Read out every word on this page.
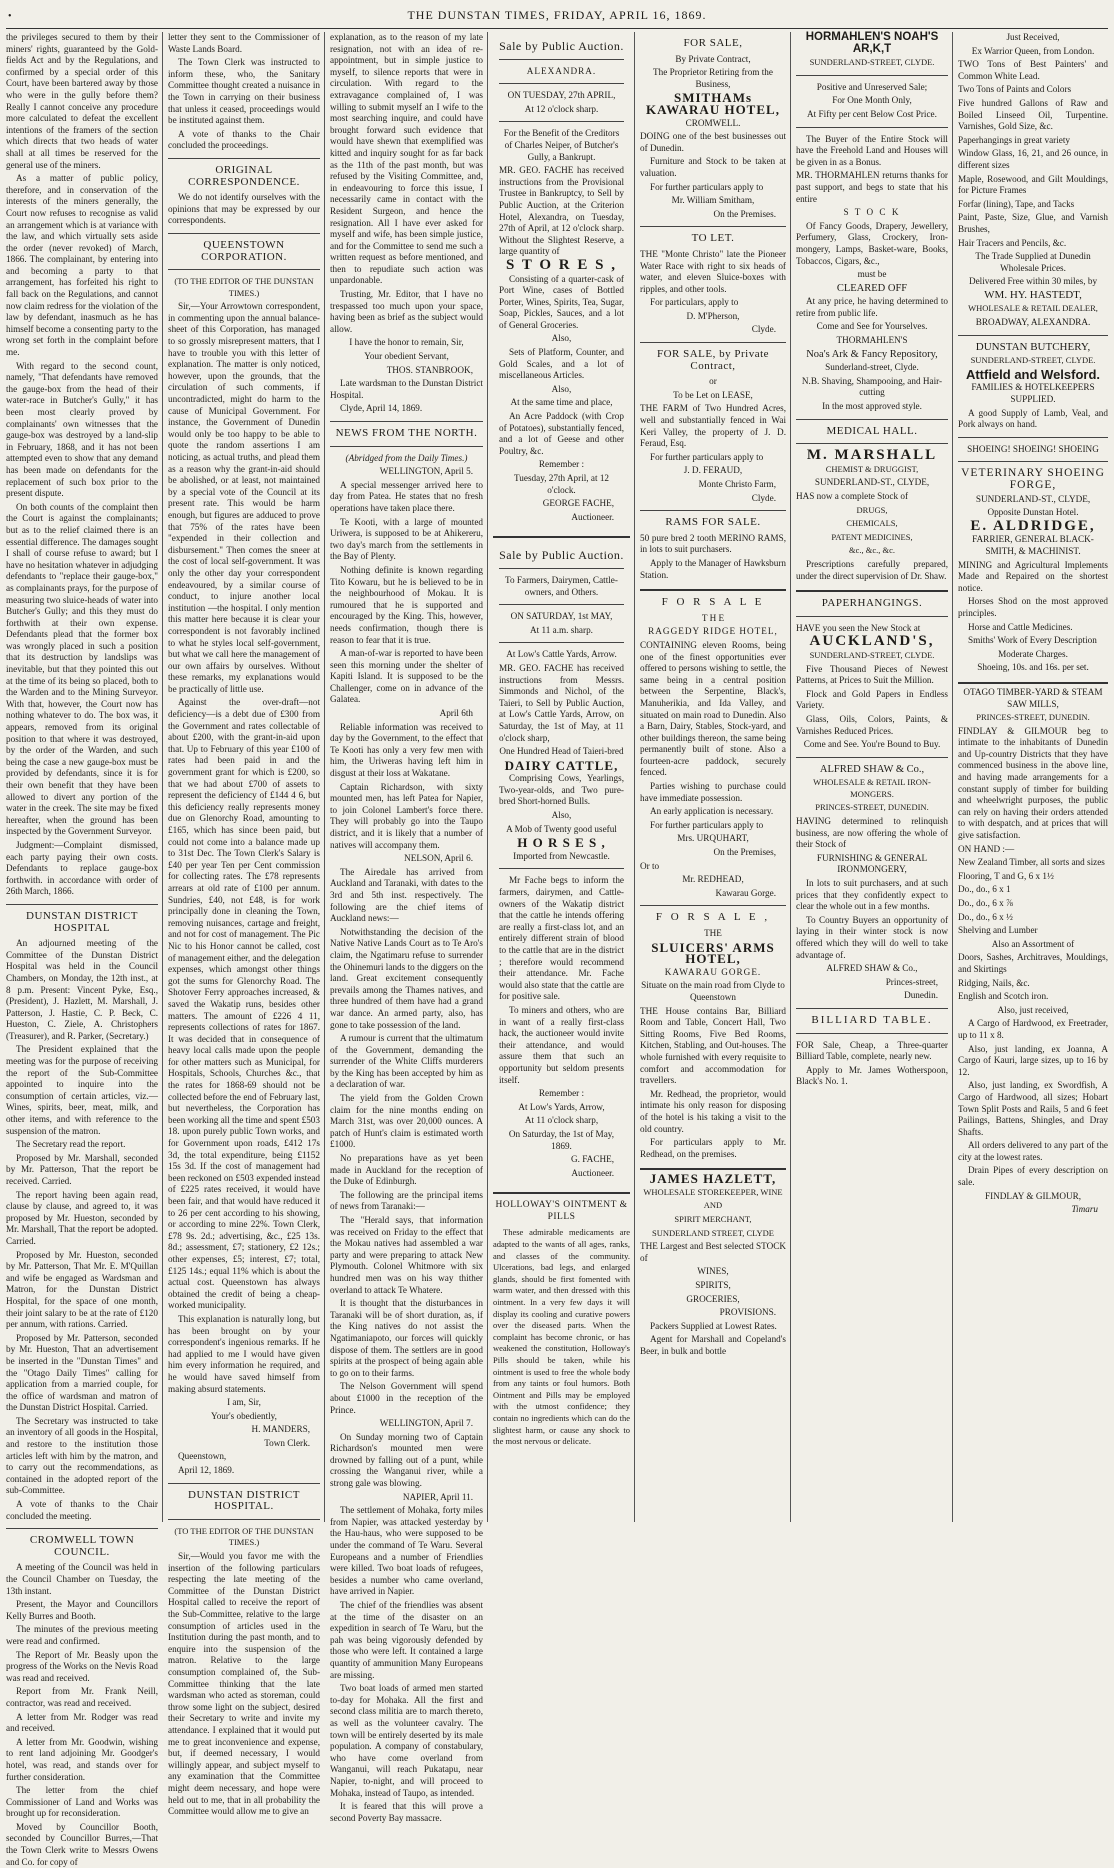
•	THE DUNSTAN TIMES, FRIDAY, APRIL 16, 1869.

the privileges secured to them by their miners' rights, guaranteed by the Gold-fields Act and by the Regulations, and confirmed by a special order of this Court, have been bartered away by those who were in the gully before them? Really I cannot conceive any procedure more calculated to defeat the excellent intentions of the framers of the section which directs that two heads of water shall at all times be reserved for the general use of the miners.

As a matter of public policy, therefore, and in conservation of the interests of the miners generally, the Court now refuses to recognise as valid an arrangement which is at variance with the law, and which virtually sets aside the order (never revoked) of March, 1866. The complainant, by entering into and becoming a party to that arrangement, has forfeited his right to fall back on the Regulations, and cannot now claim redress for the violation of the law by defendant, inasmuch as he has himself become a consenting party to the wrong set forth in the complaint before me.

With regard to the second count, namely, "That defendants have removed the gauge-box from the head of their water-race in Butcher's Gully," it has been most clearly proved by complainants' own witnesses that the gauge-box was destroyed by a land-slip in February, 1868, and it has not been attempted even to show that any demand has been made on defendants for the replacement of such box prior to the present dispute.

On both counts of the complaint then the Court is against the complainants; but as to the relief claimed there is an essential difference. The damages sought I shall of course refuse to award; but I have no hesitation whatever in adjudging defendants to "replace their gauge-box," as complainants prays, for the purpose of measuring two sluice-heads of water into Butcher's Gully; and this they must do forthwith at their own expense. Defendants plead that the former box was wrongly placed in such a position that its destruction by landslips was inevitable, but that they pointed this out at the time of its being so placed, both to the Warden and to the Mining Surveyor. With that, however, the Court now has nothing whatever to do. The box was, it appears, removed from its original position to that where it was destroyed, by the order of the Warden, and such being the case a new gauge-box must be provided by defendants, since it is for their own benefit that they have been allowed to divert any portion of the water in the creek. The site may be fixed hereafter, when the ground has been inspected by the Government Surveyor.

Judgment:—Complaint dismissed, each party paying their own costs. Defendants to replace gauge-box forthwith. in accordance with order of 26th March, 1866.

DUNSTAN DISTRICT HOSPITAL

An adjourned meeting of the Committee of the Dunstan District Hospital was held in the Council Chambers, on Monday, the 12th inst., at 8 p.m. Present: Vincent Pyke, Esq., (President), J. Hazlett, M. Marshall, J. Patterson, J. Hastie, C. P. Beck, C. Hueston, C. Ziele, A. Christophers (Treasurer), and R. Parker, (Secretary.)

The President explained that the meeting was for the purpose of receiving the report of the Sub-Committee appointed to inquire into the consumption of certain articles, viz.—Wines, spirits, beer, meat, milk, and other items, and with reference to the suspension of the matron.

The Secretary read the report.

Proposed by Mr. Marshall, seconded by Mr. Patterson, That the report be received. Carried.

The report having been again read, clause by clause, and agreed to, it was proposed by Mr. Hueston, seconded by Mr. Marshall, That the report be adopted. Carried.

Proposed by Mr. Hueston, seconded by Mr. Patterson, That Mr. E. M'Quillan and wife be engaged as Wardsman and Matron, for the Dunstan District Hospital, for the space of one month, their joint salary to be at the rate of £120 per annum, with rations. Carried.

Proposed by Mr. Patterson, seconded by Mr. Hueston, That an advertisement be inserted in the "Dunstan Times" and the "Otago Daily Times" calling for application from a married couple, for the office of wardsman and matron of the Dunstan District Hospital. Carried.

The Secretary was instructed to take an inventory of all goods in the Hospital, and restore to the institution those articles left with him by the matron, and to carry out the recommendations, as contained in the adopted report of the sub-Committee.

A vote of thanks to the Chair concluded the meeting.

CROMWELL TOWN COUNCIL.

A meeting of the Council was held in the Council Chamber on Tuesday, the 13th instant.

Present, the Mayor and Councillors Kelly Burres and Booth.

The minutes of the previous meeting were read and confirmed.

The Report of Mr. Beasly upon the progress of the Works on the Nevis Road was read and received.

Report from Mr. Frank Neill, contractor, was read and received.

A letter from Mr. Rodger was read and received.

A letter from Mr. Goodwin, wishing to rent land adjoining Mr. Goodger's hotel, was read, and stands over for further consideration.

The letter from the chief Commissioner of Land and Works was brought up for reconsideration.

Moved by Councillor Booth, seconded by Councillor Burres,—That the Town Clerk write to Messrs Owens and Co. for copy of

letter they sent to the Commissioner of Waste Lands Board.

The Town Clerk was instructed to inform these, who, the Sanitary Committee thought created a nuisance in the Town in carrying on their business that unless it ceased, proceedings would be instituted against them.

A vote of thanks to the Chair concluded the proceedings.

ORIGINAL CORRESPONDENCE.

We do not identify ourselves with the opinions that may be expressed by our correspondents.

QUEENSTOWN CORPORATION.

(TO THE EDITOR OF THE DUNSTAN TIMES.)

Sir,—Your Arrowtown correspondent, in commenting upon the annual balance-sheet of this Corporation, has managed to so grossly misrepresent matters, that I have to trouble you with this letter of explanation. The matter is only noticed, however, upon the grounds, that the circulation of such comments, if uncontradicted, might do harm to the cause of Municipal Government. For instance, the Government of Dunedin would only be too happy to be able to quote the random assertions I am noticing, as actual truths, and plead them as a reason why the grant-in-aid should be abolished, or at least, not maintained by a special vote of the Council at its present rate. This would be harm enough, but figures are adduced to prove that 75% of the rates have been "expended in their collection and disbursement." Then comes the sneer at the cost of local self-government. It was only the other day your correspondent endeavoured, by a similar course of conduct, to injure another local institution —the hospital. I only mention this matter here because it is clear your correspondent is not favorably inclined to what he styles local self-government, but what we call here the management of our own affairs by ourselves. Without these remarks, my explanations would be practically of little use.

Against the over-draft—not deficiency—is a debt due of £300 from the Government and rates collectable of about £200, with the grant-in-aid upon that. Up to February of this year £100 of rates had been paid in and the government grant for which is £200, so that we had about £700 of assets to represent the deficiency of £144 4 6, but this deficiency really represents money due on Glenorchy Road, amounting to £165, which has since been paid, but could not come into a balance made up to 31st Dec. The Town Clerk's Salary is £40 per year Ten per Cent commission for collecting rates. The £78 represents arrears at old rate of £100 per annum. Sundries, £40, not £48, is for work principally done in cleaning the Town, removing nuisances, cartage and freight, and not for cost of management. The Pic Nic to his Honor cannot be called, cost of management either, and the delegation expenses, which amongst other things got the sums for Glenorchy Road. The Shotover Ferry approaches increased, & saved the Wakatip runs, besides other matters. The amount of £226 4 11, represents collections of rates for 1867. It was decided that in consequence of heavy local calls made upon the people for other matters such as Municipal, for Hospitals, Schools, Churches &c., that the rates for 1868-69 should not be collected before the end of February last, but nevertheless, the Corporation has been working all the time and spent £503 18. upon purely public Town works, and for Government upon roads, £412 17s 3d, the total expenditure, being £1152 15s 3d. If the cost of management had been reckoned on £503 expended instead of £225 rates received, it would have been fair, and that would have reduced it to 26 per cent according to his showing, or according to mine 22%. Town Clerk, £78 9s. 2d.; advertising, &c., £25 13s. 8d.; assessment, £7; stationery, £2 12s.; other expenses, £5; interest, £7; total, £125 14s.; equal 11% which is about the actual cost. Queenstown has always obtained the credit of being a cheap-worked municipality.

This explanation is naturally long, but has been brought on by your correspondent's ingenious remarks. If he had applied to me I would have given him every information he required, and he would have saved himself from making absurd statements.

I am, Sir,

Your's obediently,

H. MANDERS,

Town Clerk.

Queenstown,

April 12, 1869.

DUNSTAN DISTRICT HOSPITAL.

(TO THE EDITOR OF THE DUNSTAN TIMES.)

Sir,—Would you favor me with the insertion of the following particulars respecting the late meeting of the Committee of the Dunstan District Hospital called to receive the report of the Sub-Committee, relative to the large consumption of articles used in the Institution during the past month, and to enquire into the suspension of the matron. Relative to the large consumption complained of, the Sub-Committee thinking that the late wardsman who acted as storeman, could throw some light on the subject, desired their Secretary to write and invite my attendance. I explained that it would put me to great inconvenience and expense, but, if deemed necessary, I would willingly appear, and subject myself to any examination that the Committee might deem necessary, and hope were held out to me, that in all probability the Committee would allow me to give an

explanation, as to the reason of my late resignation, not with an idea of re-appointment, but in simple justice to myself, to silence reports that were in circulation. With regard to the extravagance complained of, I was willing to submit myself an I wife to the most searching inquire, and could have brought forward such evidence that would have shewn that exemplified was kitted and inquiry sought for as far back as the 11th of the past month, but was refused by the Visiting Committee, and, in endeavouring to force this issue, I necessarily came in contact with the Resident Surgeon, and hence the resignation. All I have ever asked for myself and wife, has been simple justice, and for the Committee to send me such a written request as before mentioned, and then to repudiate such action was unpardonable.

Trusting, Mr. Editor, that I have no trespassed too much upon your space, having been as brief as the subject would allow.

I have the honor to remain, Sir,

Your obedient Servant,

THOS. STANBROOK,

Late wardsman to the Dunstan District Hospital.

Clyde, April 14, 1869.

NEWS FROM THE NORTH.

(Abridged from the Daily Times.)

WELLINGTON, April 5.

A special messenger arrived here to day from Patea. He states that no fresh operations have taken place there.

Te Kooti, with a large of mounted Uriwera, is supposed to be at Ahikereru, two day's march from the settlements in the Bay of Plenty.

Nothing definite is known regarding Tito Kowaru, but he is believed to be in the neighbourhood of Mokau. It is rumoured that he is supported and encouraged by the King. This, however, needs confirmation, though there is reason to fear that it is true.

A man-of-war is reported to have been seen this morning under the shelter of Kapiti Island. It is supposed to be the Challenger, come on in advance of the Galatea.

April 6th

Reliable information was received to day by the Government, to the effect that Te Kooti has only a very few men with him, the Uriweras having left him in disgust at their loss at Wakatane.

Captain Richardson, with sixty mounted men, has left Patea for Napier, to join Colonel Lambert's force there. They will probably go into the Taupo district, and it is likely that a number of natives will accompany them.

NELSON, April 6.

The Airedale has arrived from Auckland and Taranaki, with dates to the 3rd and 5th inst. respectively. The following are the chief items of Auckland news:—

Notwithstanding the decision of the Native Native Lands Court as to Te Aro's claim, the Ngatimaru refuse to surrender the Ohinemuri lands to the diggers on the land. Great excitement consequently prevails among the Thames natives, and three hundred of them have had a grand war dance. An armed party, also, has gone to take possession of the land.

A rumour is current that the ultimatum of the Government, demanding the surrender of the White Cliffs murderers by the King has been accepted by him as a declaration of war.

The yield from the Golden Crown claim for the nine months ending on March 31st, was over 20,000 ounces. A patch of Hunt's claim is estimated worth £1000.

No preparations have as yet been made in Auckland for the reception of the Duke of Edinburgh.

The following are the principal items of news from Taranaki:—

The "Herald says, that information was received on Friday to the effect that the Mokau natives had assembled a war party and were preparing to attack New Plymouth. Colonel Whitmore with six hundred men was on his way thither overland to attack Te Whatere.

It is thought that the disturbances in Taranaki will be of short duration, as, if the King natives do not assist the Ngatimaniapoto, our forces will quickly dispose of them. The settlers are in good spirits at the prospect of being again able to go on to their farms.

The Nelson Government will spend about £1000 in the reception of the Prince.

WELLINGTON, April 7.

On Sunday morning two of Captain Richardson's mounted men were drowned by falling out of a punt, while crossing the Wanganui river, while a strong gale was blowing.

NAPIER, April 11.

The settlement of Mohaka, forty miles from Napier, was attacked yesterday by the Hau-haus, who were supposed to be under the command of Te Waru. Several Europeans and a number of Friendlies were killed. Two boat loads of refugees, besides a number who came overland, have arrived in Napier.

The chief of the friendlies was absent at the time of the disaster on an expedition in search of Te Waru, but the pah was being vigorously defended by those who were left. It contained a large quantity of ammunition Many Europeans are missing.

Two boat loads of armed men started to-day for Mohaka. All the first and second class militia are to march thereto, as well as the volunteer cavalry. The town will be entirely deserted by its male population. A company of constabulary, who have come overland from Wanganui, will reach Pukatapu, near Napier, to-night, and will proceed to Mohaka, instead of Taupo, as intended.

It is feared that this will prove a second Poverty Bay massacre.

Sale by Public Auction.

ALEXANDRA.

ON TUESDAY, 27th APRIL,

At 12 o'clock sharp.

For the Benefit of the Creditors of Charles Neiper, of Butcher's Gully, a Bankrupt.

MR. GEO. FACHE has received instructions from the Provisional Trustee in Bankruptcy, to Sell by Public Auction, at the Criterion Hotel, Alexandra, on Tuesday, 27th of April, at 12 o'clock sharp. Without the Slightest Reserve, a large quantity of

S T O R E S ,

Consisting of a quarter-cask of Port Wine, cases of Bottled Porter, Wines, Spirits, Tea, Sugar, Soap, Pickles, Sauces, and a lot of General Groceries.

Also,

Sets of Platform, Counter, and Gold Scales, and a lot of miscellaneous Articles.

Also,

At the same time and place,

An Acre Paddock (with Crop of Potatoes), substantially fenced, and a lot of Geese and other Poultry, &c.

Remember :

Tuesday, 27th April, at 12 o'clock.

GEORGE FACHE,

Auctioneer.

Sale by Public Auction.

To Farmers, Dairymen, Cattle-owners, and Others.

ON SATURDAY, 1st MAY,

At 11 a.m. sharp.

At Low's Cattle Yards, Arrow.

MR. GEO. FACHE has received instructions from Messrs. Simmonds and Nichol, of the Taieri, to Sell by Public Auction, at Low's Cattle Yards, Arrow, on Saturday, the 1st of May, at 11 o'clock sharp,

One Hundred Head of Taieri-bred

DAIRY CATTLE,

Comprising Cows, Yearlings, Two-year-olds, and Two pure-bred Short-horned Bulls.

Also,

A Mob of Twenty good useful

H O R S E S ,

Imported from Newcastle.

Mr Fache begs to inform the farmers, dairymen, and Cattle-owners of the Wakatip district that the cattle he intends offering are really a first-class lot, and an entirely different strain of blood to the cattle that are in the district ; therefore would recommend their attendance. Mr. Fache would also state that the cattle are for positive sale.

To miners and others, who are in want of a really first-class hack, the auctioneer would invite their attendance, and would assure them that such an opportunity but seldom presents itself.

Remember :

At Low's Yards, Arrow,

At 11 o'clock sharp,

On Saturday, the 1st of May, 1869.

G. FACHE,

Auctioneer.

HOLLOWAY'S OINTMENT & PILLS

These admirable medicaments are adapted to the wants of all ages, ranks, and classes of the community. Ulcerations, bad legs, and enlarged glands, should be first fomented with warm water, and then dressed with this ointment. In a very few days it will display its cooling and curative powers over the diseased parts. When the complaint has become chronic, or has weakened the constitution, Holloway's Pills should be taken, while his ointment is used to free the whole body from any taints or foul humors. Both Ointment and Pills may be employed with the utmost confidence; they contain no ingredients which can do the slightest harm, or cause any shock to the most nervous or delicate.

FOR SALE,

By Private Contract,

The Proprietor Retiring from the Business,

SMITHAMs KAWARAU HOTEL,

CROMWELL.

DOING one of the best businesses out of Dunedin.

Furniture and Stock to be taken at valuation.

For further particulars apply to

Mr. William Smitham,

On the Premises.

TO LET.

THE "Monte Christo" late the Pioneer Water Race with right to six heads of water, and eleven Sluice-boxes with ripples, and other tools.

For particulars, apply to

D. M'Pherson,

Clyde.

FOR SALE, by Private Contract,

or

To be Let on LEASE,

THE FARM of Two Hundred Acres, well and substantially fenced in Wai Keri Valley, the property of J. D. Feraud, Esq.

For further particulars apply to

J. D. FERAUD,

Monte Christo Farm,

Clyde.

RAMS FOR SALE.

50 pure bred 2 tooth MERINO RAMS, in lots to suit purchasers.

Apply to the Manager of Hawksburn Station.

F O R S A L E

T H E

RAGGEDY RIDGE HOTEL,

CONTAINING eleven Rooms, being one of the finest opportunities ever offered to persons wishing to settle, the same being in a central position between the Serpentine, Black's, Manuherikia, and Ida Valley, and situated on main road to Dunedin. Also a Barn, Dairy, Stables, Stock-yard, and other buildings thereon, the same being permanently built of stone. Also a fourteen-acre paddock, securely fenced.

Parties wishing to purchase could have immediate possession.

An early application is necessary.

For further particulars apply to

Mrs. URQUHART,

On the Premises,

Or to

Mr. REDHEAD,

Kawarau Gorge.

F O R S A L E ,

THE

SLUICERS' ARMS HOTEL,

KAWARAU GORGE.

Situate on the main road from Clyde to Queenstown

THE House contains Bar, Billiard Room and Table, Concert Hall, Two Sitting Rooms, Five Bed Rooms, Kitchen, Stabling, and Out-houses. The whole furnished with every requisite to comfort and accommodation for travellers.

Mr. Redhead, the proprietor, would intimate his only reason for disposing of the hotel is his taking a visit to the old country.

For particulars apply to Mr. Redhead, on the premises.

JAMES HAZLETT,

WHOLESALE STOREKEEPER, WINE

AND

SPIRIT MERCHANT,

SUNDERLAND STREET, CLYDE

THE Largest and Best selected STOCK of

WINES,

SPIRITS,

GROCERIES,

PROVISIONS.

Packers Supplied at Lowest Rates.

Agent for Marshall and Copeland's Beer, in bulk and bottle

HORMAHLEN'S NOAH'S AR,K,T

SUNDERLAND-STREET, CLYDE.

Positive and Unreserved Sale;

For One Month Only,

At Fifty per cent Below Cost Price.

The Buyer of the Entire Stock will have the Freehold Land and Houses will be given in as a Bonus.

MR. THORMAHLEN returns thanks for past support, and begs to state that his entire

S T O C K

Of Fancy Goods, Drapery, Jewellery, Perfumery, Glass, Crockery, Iron-mongery, Lamps, Basket-ware, Books, Tobaccos, Cigars, &c.,

must be

CLEARED OFF

At any price, he having determined to retire from public life.

Come and See for Yourselves.

THORMAHLEN'S

Noa's Ark & Fancy Repository,

Sunderland-street, Clyde.

N.B. Shaving, Shampooing, and Hair-cutting

In the most approved style.

MEDICAL HALL.

M. MARSHALL

CHEMIST & DRUGGIST,

SUNDERLAND-ST., CLYDE,

HAS now a complete Stock of

DRUGS,

CHEMICALS,

PATENT MEDICINES,

&c., &c., &c.

Prescriptions carefully prepared, under the direct supervision of Dr. Shaw.

PAPERHANGINGS.

HAVE you seen the New Stock at

AUCKLAND'S,

SUNDERLAND-STREET, CLYDE.

Five Thousand Pieces of Newest Patterns, at Prices to Suit the Million.

Flock and Gold Papers in Endless Variety.

Glass, Oils, Colors, Paints, & Varnishes Reduced Prices.

Come and See. You're Bound to Buy.

ALFRED SHAW & Co.,

WHOLESALE & RETAIL IRON-MONGERS.

PRINCES-STREET, DUNEDIN.

HAVING determined to relinquish business, are now offering the whole of their Stock of

FURNISHING & GENERAL IRONMONGERY,

In lots to suit purchasers, and at such prices that they confidently expect to clear the whole out in a few months.

To Country Buyers an opportunity of laying in their winter stock is now offered which they will do well to take advantage of.

ALFRED SHAW & Co.,

Princes-street,

Dunedin.

BILLIARD TABLE.

FOR Sale, Cheap, a Three-quarter Billiard Table, complete, nearly new.

Apply to Mr. James Wotherspoon, Black's No. 1.

Just Received,

Ex Warrior Queen, from London.

TWO Tons of Best Painters' and Common White Lead.

Two Tons of Paints and Colors

Five hundred Gallons of Raw and Boiled Linseed Oil, Turpentine. Varnishes, Gold Size, &c.

Paperhangings in great variety

Window Glass, 16, 21, and 26 ounce, in different sizes

Maple, Rosewood, and Gilt Mouldings, for Picture Frames

Forfar (lining), Tape, and Tacks

Paint, Paste, Size, Glue, and Varnish Brushes,

Hair Tracers and Pencils, &c.

The Trade Supplied at Dunedin Wholesale Prices.

Delivered Free within 30 miles, by

WM. HY. HASTEDT,

WHOLESALE & RETAIL DEALER,

BROADWAY, ALEXANDRA.

DUNSTAN BUTCHERY,

SUNDERLAND-STREET, CLYDE.

Attfield and Welsford.

FAMILIES & HOTELKEEPERS SUPPLIED.

A good Supply of Lamb, Veal, and Pork always on hand.

SHOEING! SHOEING! SHOEING

VETERINARY SHOEING FORGE,

SUNDERLAND-ST., CLYDE,

Opposite Dunstan Hotel.

E. ALDRIDGE,

FARRIER, GENERAL BLACK-SMITH, & MACHINIST.

MINING and Agricultural Implements Made and Repaired on the shortest notice.

Horses Shod on the most approved principles.

Horse and Cattle Medicines.

Smiths' Work of Every Description

Moderate Charges.

Shoeing, 10s. and 16s. per set.

OTAGO TIMBER-YARD & STEAM SAW MILLS,

PRINCES-STREET, DUNEDIN.

FINDLAY & GILMOUR beg to intimate to the inhabitants of Dunedin and Up-country Districts that they have commenced business in the above line, and having made arrangements for a constant supply of timber for building and wheelwright purposes, the public can rely on having their orders attended to with despatch, and at prices that will give satisfaction.

ON HAND :—

New Zealand Timber, all sorts and sizes

Flooring, T and G, 6 x 1½

Do., do., 6 x 1

Do., do., 6 x ⅞

Do., do., 6 x ½

Shelving and Lumber

Also an Assortment of

Doors, Sashes, Architraves, Mouldings, and Skirtings

Ridging, Nails, &c.

English and Scotch iron.

Also, just received,

A Cargo of Hardwood, ex Freetrader, up to 11 x 8.

Also, just landing, ex Joanna, A Cargo of Kauri, large sizes, up to 16 by 12.

Also, just landing, ex Swordfish, A Cargo of Hardwood, all sizes; Hobart Town Split Posts and Rails, 5 and 6 feet Pailings, Battens, Shingles, and Dray Shafts.

All orders delivered to any part of the city at the lowest rates.

Drain Pipes of every description on sale.

FINDLAY & GILMOUR,

Timaru
